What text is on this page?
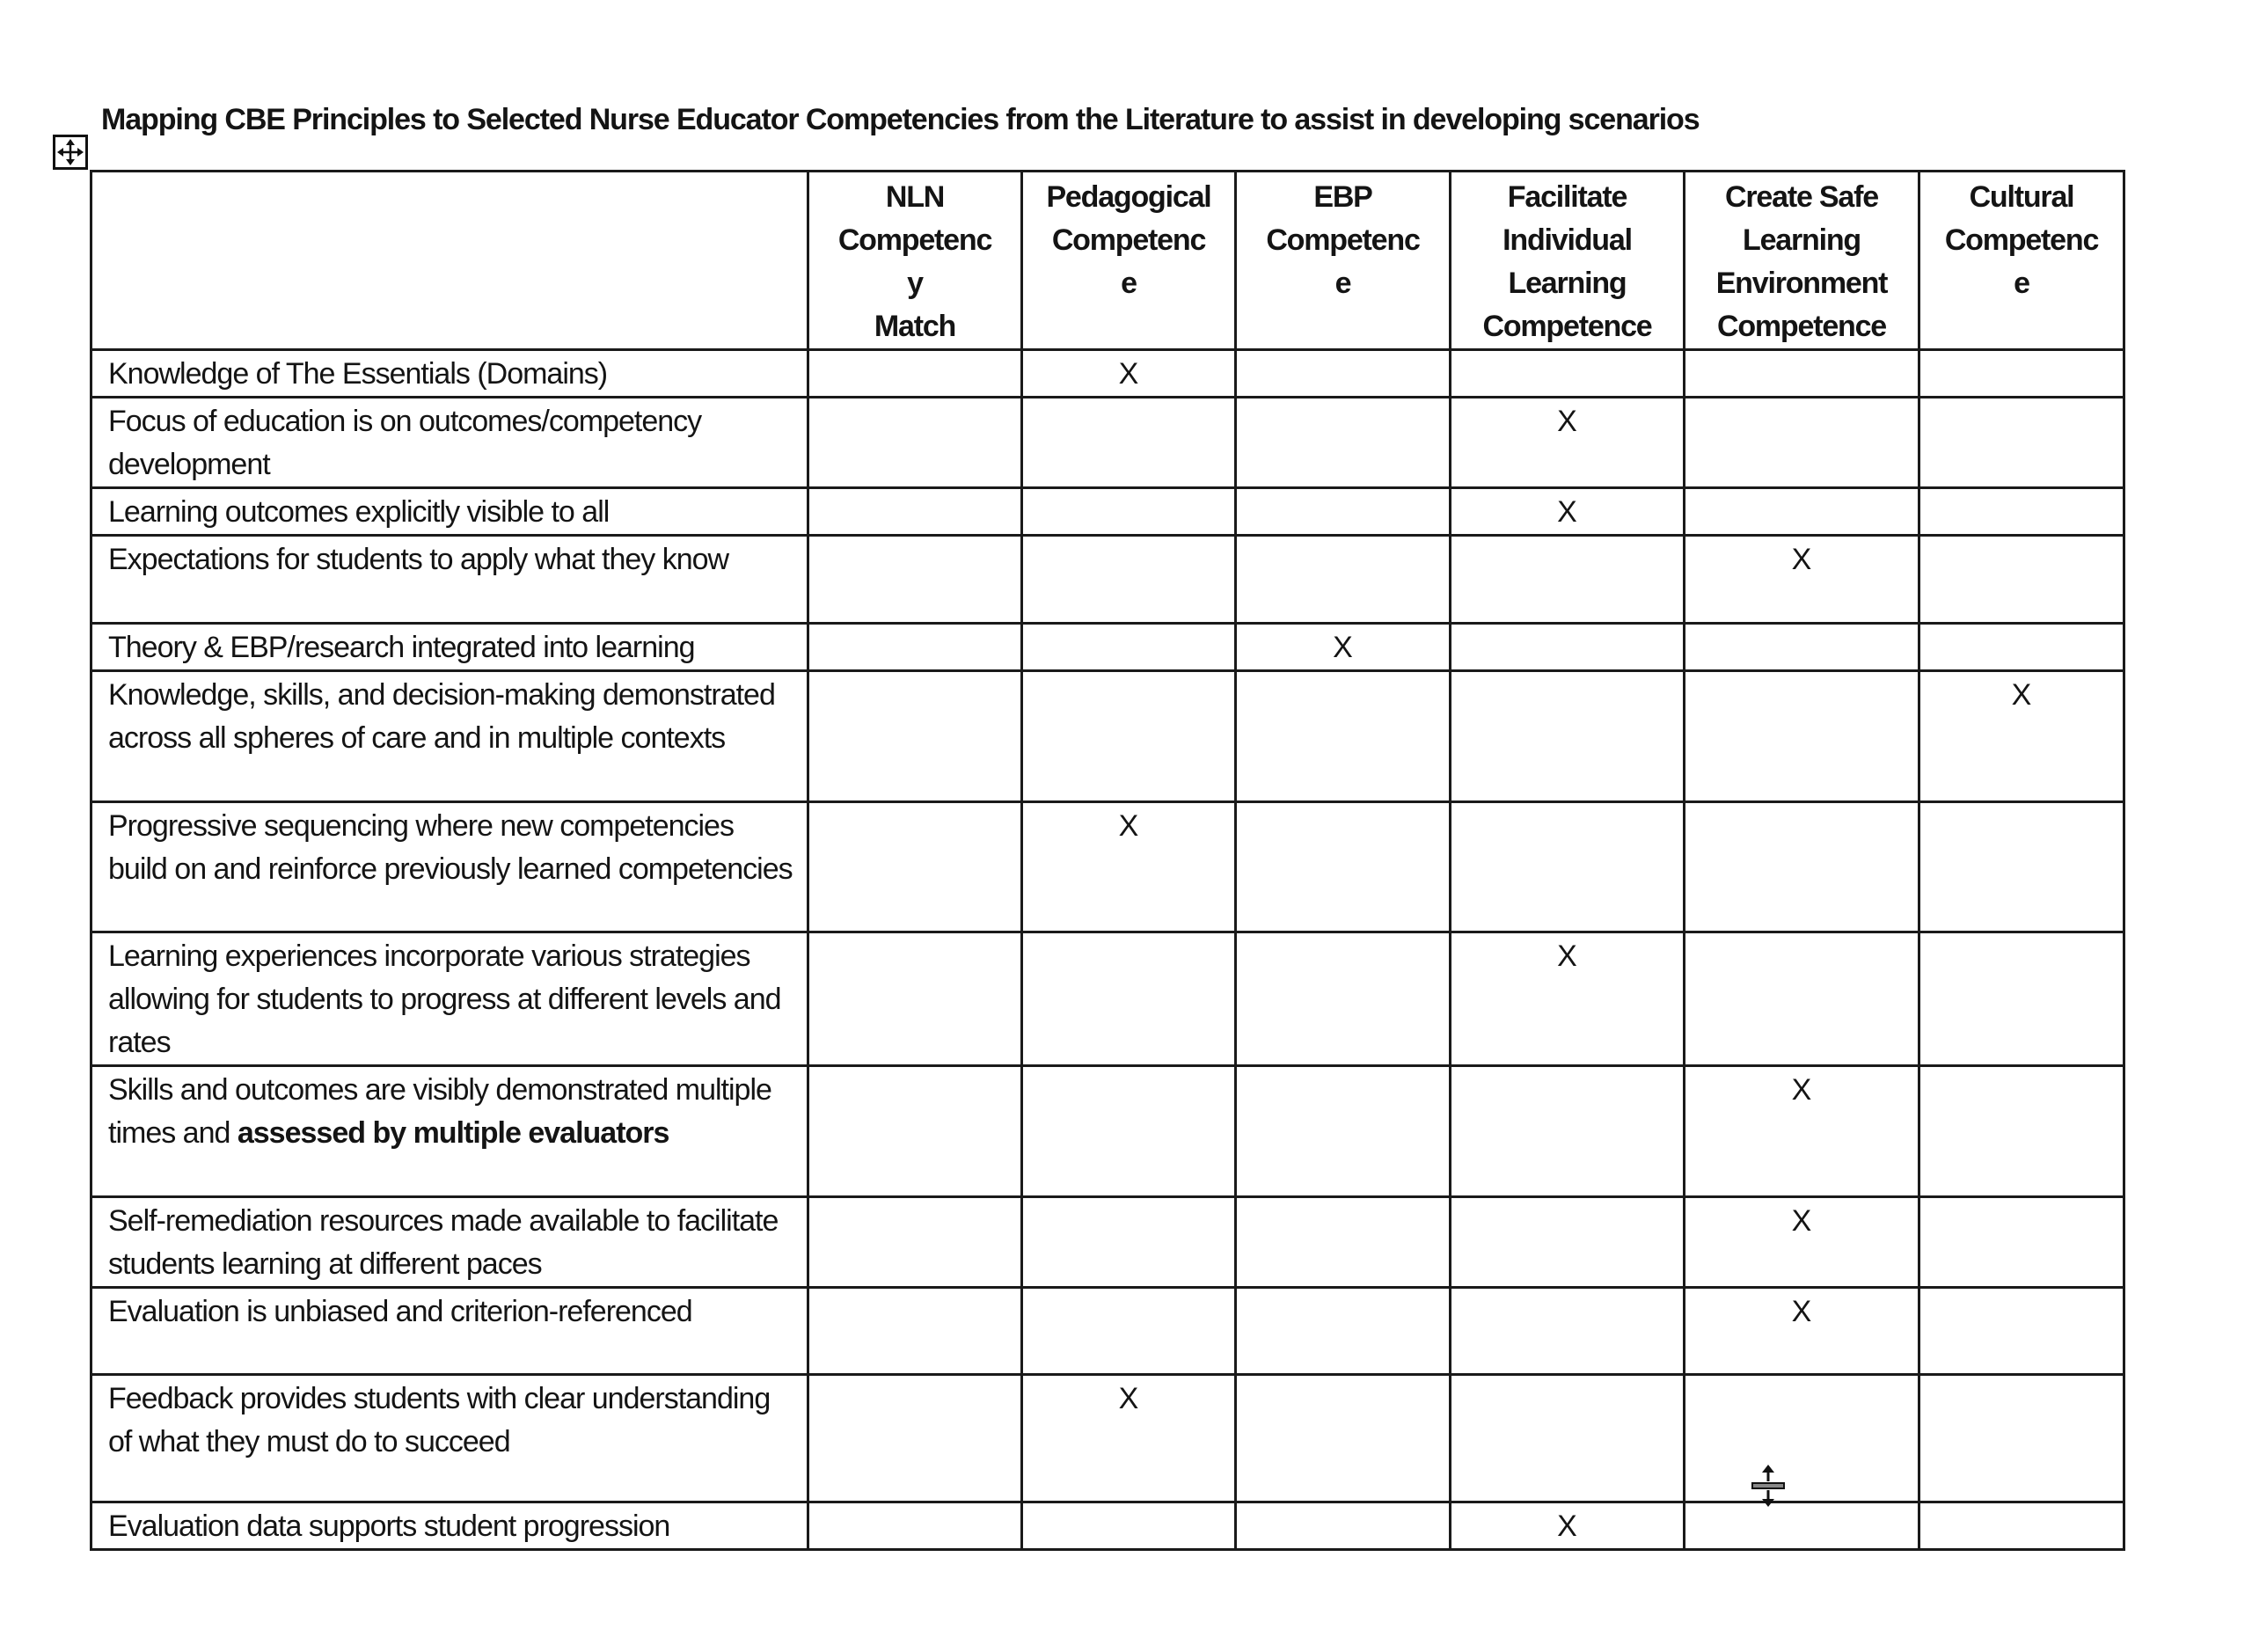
Mapping CBE Principles to Selected Nurse Educator Competencies from the Literature to assist in developing scenarios

	NLN
Competenc
y
Match	Pedagogical
Competenc
e	EBP
Competenc
e	Facilitate
Individual
Learning
Competence	Create Safe
Learning
Environment
Competence	Cultural
Competenc
e

Knowledge of The Essentials (Domains)		X				
Focus of education is on outcomes/competency development				X		
Learning outcomes explicitly visible to all				X		
Expectations for students to apply what they know					X	
Theory & EBP/research integrated into learning			X			
Knowledge, skills, and decision-making demonstrated across all spheres of care and in multiple contexts						X
Progressive sequencing where new competencies build on and reinforce previously learned competencies		X				
Learning experiences incorporate various strategies allowing for students to progress at different levels and rates				X		
Skills and outcomes are visibly demonstrated multiple times and assessed by multiple evaluators					X	
Self-remediation resources made available to facilitate students learning at different paces					X	
Evaluation is unbiased and criterion-referenced					X	
Feedback provides students with clear understanding of what they must do to succeed		X				
Evaluation data supports student progression				X		
